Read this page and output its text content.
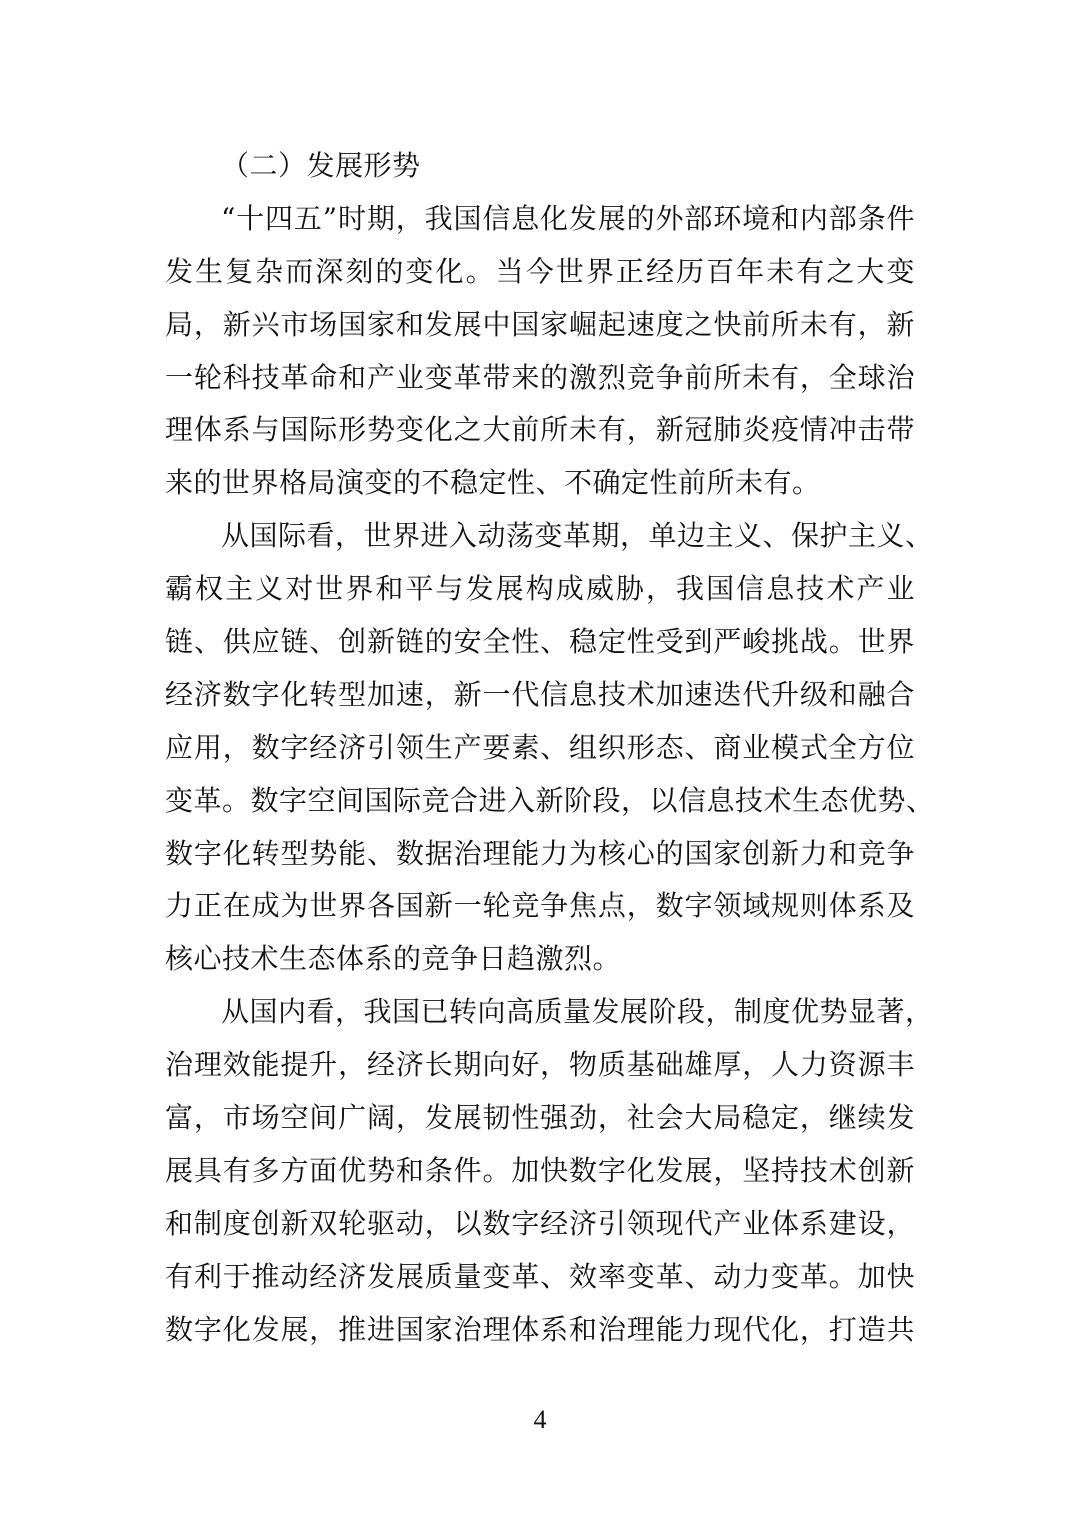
（二）发展形势
“十四五”时期，我国信息化发展的外部环境和内部条件
发生复杂而深刻的变化。当今世界正经历百年未有之大变
局，新兴市场国家和发展中国家崛起速度之快前所未有，新
一轮科技革命和产业变革带来的激烈竞争前所未有，全球治
理体系与国际形势变化之大前所未有，新冠肺炎疫情冲击带
来的世界格局演变的不稳定性、不确定性前所未有。
从国际看，世界进入动荡变革期，单边主义、保护主义、
霸权主义对世界和平与发展构成威胁，我国信息技术产业
链、供应链、创新链的安全性、稳定性受到严峻挑战。世界
经济数字化转型加速，新一代信息技术加速迭代升级和融合
应用，数字经济引领生产要素、组织形态、商业模式全方位
变革。数字空间国际竞合进入新阶段，以信息技术生态优势、
数字化转型势能、数据治理能力为核心的国家创新力和竞争
力正在成为世界各国新一轮竞争焦点，数字领域规则体系及
核心技术生态体系的竞争日趋激烈。
从国内看，我国已转向高质量发展阶段，制度优势显著，
治理效能提升，经济长期向好，物质基础雄厚，人力资源丰
富，市场空间广阔，发展韧性强劲，社会大局稳定，继续发
展具有多方面优势和条件。加快数字化发展，坚持技术创新
和制度创新双轮驱动，以数字经济引领现代产业体系建设，
有利于推动经济发展质量变革、效率变革、动力变革。加快
数字化发展，推进国家治理体系和治理能力现代化，打造共
4
